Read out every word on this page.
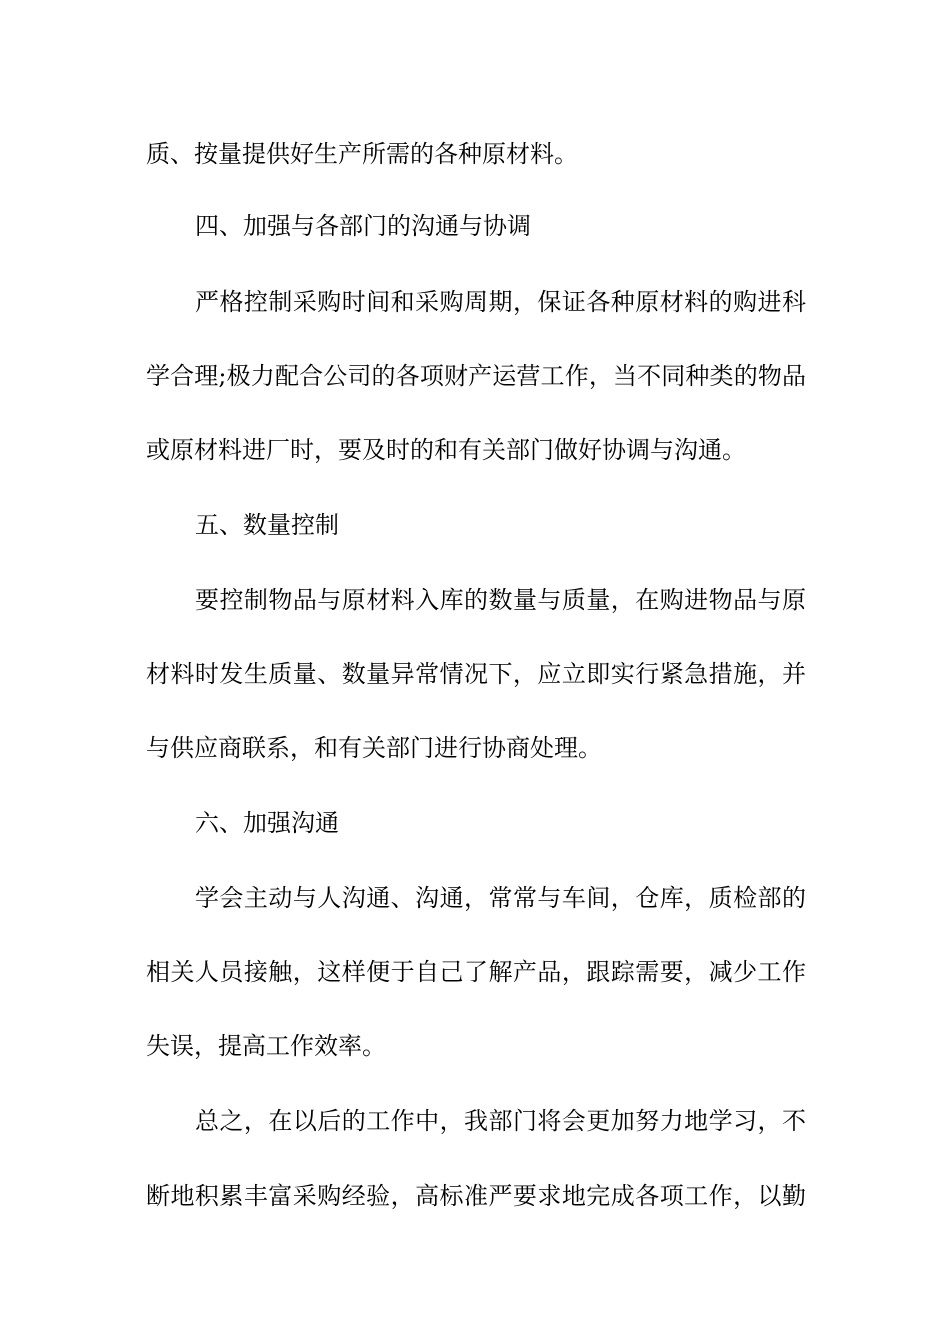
质、按量提供好生产所需的各种原材料。
四、加强与各部门的沟通与协调
严格控制采购时间和采购周期，保证各种原材料的购进科
学合理;极力配合公司的各项财产运营工作，当不同种类的物品
或原材料进厂时，要及时的和有关部门做好协调与沟通。
五、数量控制
要控制物品与原材料入库的数量与质量，在购进物品与原
材料时发生质量、数量异常情况下，应立即实行紧急措施，并
与供应商联系，和有关部门进行协商处理。
六、加强沟通
学会主动与人沟通、沟通，常常与车间，仓库，质检部的
相关人员接触，这样便于自己了解产品，跟踪需要，减少工作
失误，提高工作效率。
总之，在以后的工作中，我部门将会更加努力地学习，不
断地积累丰富采购经验，高标准严要求地完成各项工作，以勤
